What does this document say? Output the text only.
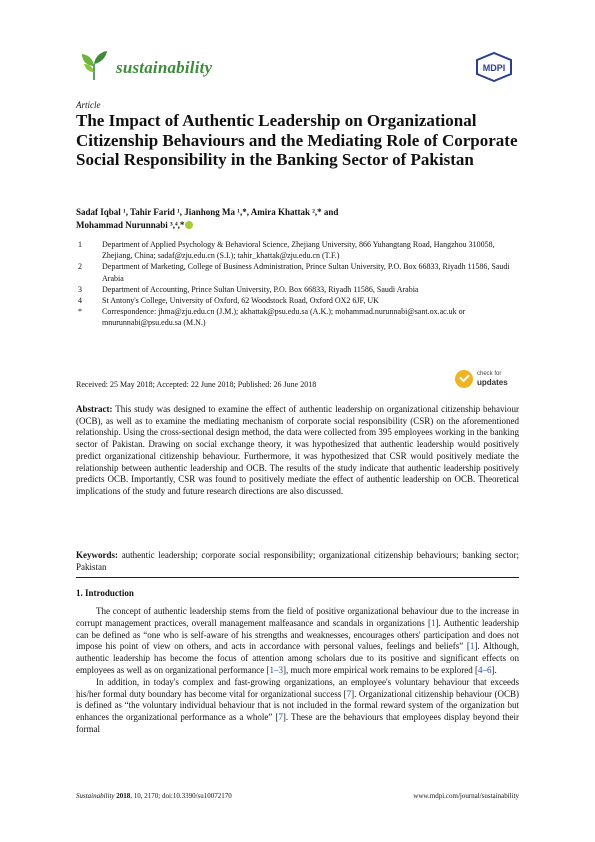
sustainability	MDPI
Article
The Impact of Authentic Leadership on Organizational Citizenship Behaviours and the Mediating Role of Corporate Social Responsibility in the Banking Sector of Pakistan
Sadaf Iqbal ¹, Tahir Farid ¹, Jianhong Ma ¹,*, Amira Khattak ²,* and
Mohammad Nurunnabi ³,⁴,*
1	Department of Applied Psychology & Behavioral Science, Zhejiang University, 866 Yuhangtang Road, Hangzhou 310058, Zhejiang, China; sadaf@zju.edu.cn (S.I.); tahir_khattak@zju.edu.cn (T.F.)
2	Department of Marketing, College of Business Administration, Prince Sultan University, P.O. Box 66833, Riyadh 11586, Saudi Arabia
3	Department of Accounting, Prince Sultan University, P.O. Box 66833, Riyadh 11586, Saudi Arabia
4	St Antony's College, University of Oxford, 62 Woodstock Road, Oxford OX2 6JF, UK
*	Correspondence: jhma@zju.edu.cn (J.M.); akhattak@psu.edu.sa (A.K.); mohammad.nurunnabi@sant.ox.ac.uk or mnurunnabi@psu.edu.sa (M.N.)
Received: 25 May 2018; Accepted: 22 June 2018; Published: 26 June 2018
check for
updates
Abstract: This study was designed to examine the effect of authentic leadership on organizational citizenship behaviour (OCB), as well as to examine the mediating mechanism of corporate social responsibility (CSR) on the aforementioned relationship. Using the cross-sectional design method, the data were collected from 395 employees working in the banking sector of Pakistan. Drawing on social exchange theory, it was hypothesized that authentic leadership would positively predict organizational citizenship behaviour. Furthermore, it was hypothesized that CSR would positively mediate the relationship between authentic leadership and OCB. The results of the study indicate that authentic leadership positively predicts OCB. Importantly, CSR was found to positively mediate the effect of authentic leadership on OCB. Theoretical implications of the study and future research directions are also discussed.
Keywords: authentic leadership; corporate social responsibility; organizational citizenship behaviours; banking sector; Pakistan
1. Introduction

The concept of authentic leadership stems from the field of positive organizational behaviour due to the increase in corrupt management practices, overall management malfeasance and scandals in organizations [1]. Authentic leadership can be defined as “one who is self-aware of his strengths and weaknesses, encourages others' participation and does not impose his point of view on others, and acts in accordance with personal values, feelings and beliefs” [1]. Although, authentic leadership has become the focus of attention among scholars due to its positive and significant effects on employees as well as on organizational performance [1–3], much more empirical work remains to be explored [4–6].

In addition, in today's complex and fast-growing organizations, an employee's voluntary behaviour that exceeds his/her formal duty boundary has become vital for organizational success [7]. Organizational citizenship behaviour (OCB) is defined as “the voluntary individual behaviour that is not included in the formal reward system of the organization but enhances the organizational performance as a whole” [7]. These are the behaviours that employees display beyond their formal

Sustainability 2018, 10, 2170; doi:10.3390/su10072170	www.mdpi.com/journal/sustainability
